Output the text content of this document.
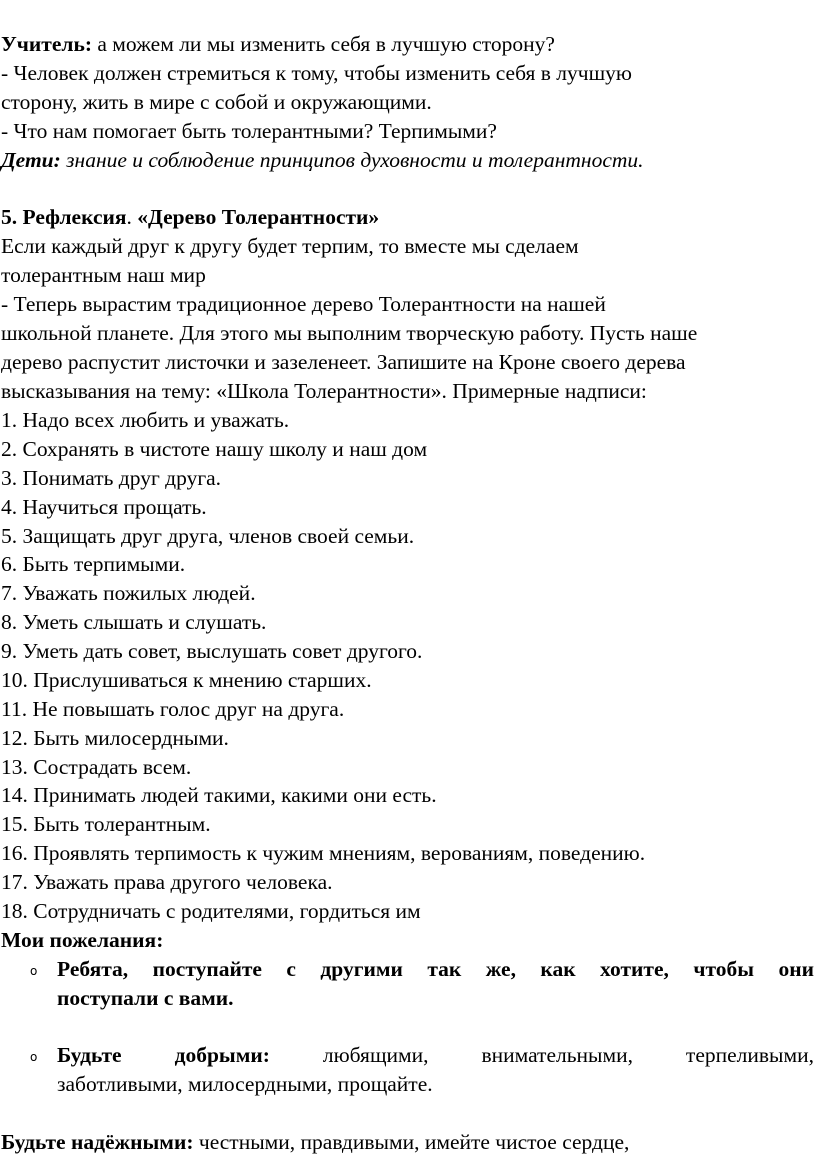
Учитель: а можем ли мы изменить себя в лучшую сторону?
- Человек должен стремиться к тому, чтобы изменить себя в лучшую
сторону, жить в мире с собой и окружающими.
- Что нам помогает быть толерантными? Терпимыми?
Дети: знание и соблюдение принципов духовности и толерантности.
5. Рефлексия. «Дерево Толерантности»
Если каждый друг к другу будет терпим, то вместе мы сделаем
толерантным наш мир
- Теперь вырастим традиционное дерево Толерантности на нашей
школьной планете. Для этого мы выполним творческую работу. Пусть наше
дерево распустит листочки и зазеленеет. Запишите на Кроне своего дерева
высказывания на тему: «Школа Толерантности». Примерные надписи:
1. Надо всех любить и уважать.
2. Сохранять в чистоте нашу школу и наш дом
3. Понимать друг друга.
4. Научиться прощать.
5. Защищать друг друга, членов своей семьи.
6. Быть терпимыми.
7. Уважать пожилых людей.
8. Уметь слышать и слушать.
9. Уметь дать совет, выслушать совет другого.
10. Прислушиваться к мнению старших.
11. Не повышать голос друг на друга.
12. Быть милосердными.
13. Сострадать всем.
14. Принимать людей такими, какими они есть.
15. Быть толерантным.
16. Проявлять терпимость к чужим мнениям, верованиям, поведению.
17. Уважать права другого человека.
18. Сотрудничать с родителями, гордиться им
Мои пожелания:
o Ребята, поступайте с другими так же, как хотите, чтобы они
поступали с вами.
o Будьте добрыми: любящими, внимательными, терпеливыми,
заботливыми, милосердными, прощайте.
Будьте надёжными: честными, правдивыми, имейте чистое сердце,
